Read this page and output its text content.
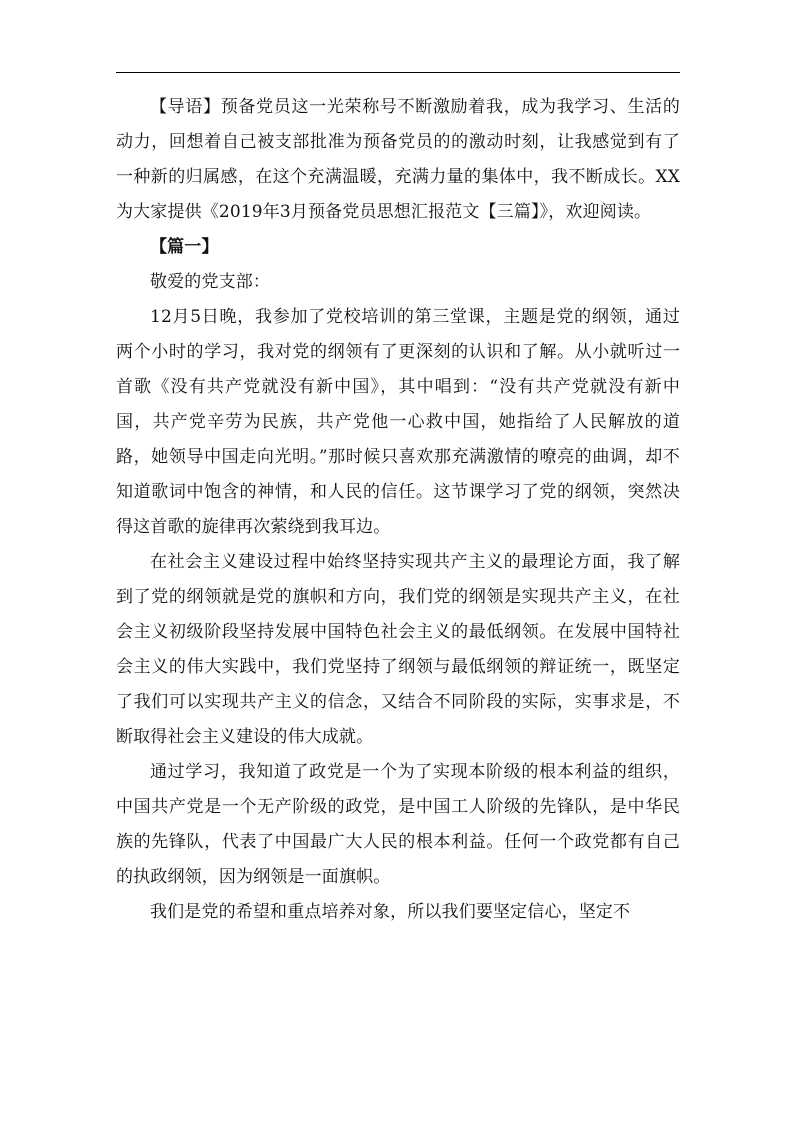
【导语】预备党员这一光荣称号不断激励着我，成为我学习、生活的动力，回想着自己被支部批准为预备党员的的激动时刻，让我感觉到有了一种新的归属感，在这个充满温暖，充满力量的集体中，我不断成长。XX为大家提供《2019年3月预备党员思想汇报范文【三篇】》，欢迎阅读。

【篇一】

敬爱的党支部：

12月5日晚，我参加了党校培训的第三堂课，主题是党的纲领，通过两个小时的学习，我对党的纲领有了更深刻的认识和了解。从小就听过一首歌《没有共产党就没有新中国》，其中唱到：“没有共产党就没有新中国，共产党辛劳为民族，共产党他一心救中国，她指给了人民解放的道路，她领导中国走向光明。”那时候只喜欢那充满激情的嘹亮的曲调，却不知道歌词中饱含的神情，和人民的信任。这节课学习了党的纲领，突然决得这首歌的旋律再次萦绕到我耳边。

在社会主义建设过程中始终坚持实现共产主义的最理论方面，我了解到了党的纲领就是党的旗帜和方向，我们党的纲领是实现共产主义，在社会主义初级阶段坚持发展中国特色社会主义的最低纲领。在发展中国特社会主义的伟大实践中，我们党坚持了纲领与最低纲领的辩证统一，既坚定了我们可以实现共产主义的信念，又结合不同阶段的实际，实事求是，不断取得社会主义建设的伟大成就。

通过学习，我知道了政党是一个为了实现本阶级的根本利益的组织，中国共产党是一个无产阶级的政党，是中国工人阶级的先锋队，是中华民族的先锋队，代表了中国最广大人民的根本利益。任何一个政党都有自己的执政纲领，因为纲领是一面旗帜。

我们是党的希望和重点培养对象，所以我们要坚定信心，坚定不
